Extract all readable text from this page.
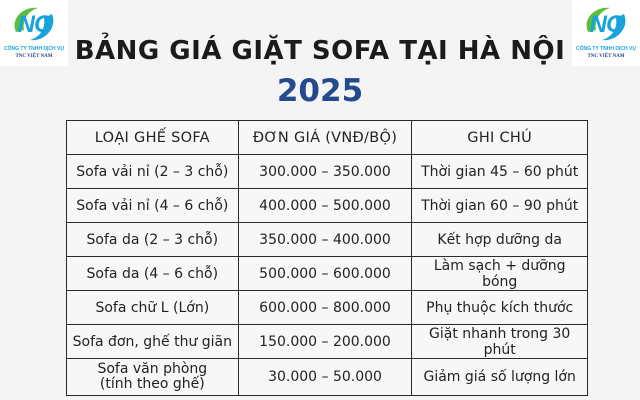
NC
CÔNG TY TNHH DỊCH VỤ
TNC VIỆT NAM
NC
CÔNG TY TNHH DỊCH VỤ
TNC VIỆT NAM
BẢNG GIÁ GIẶT SOFA TẠI HÀ NỘI
2025
LOẠI GHẾ SOFA	ĐƠN GIÁ (VNĐ/BỘ)	GHI CHÚ
Sofa vải nỉ (2 – 3 chỗ)	300.000 – 350.000	Thời gian 45 – 60 phút
Sofa vải nỉ (4 – 6 chỗ)	400.000 – 500.000	Thời gian 60 – 90 phút
Sofa da (2 – 3 chỗ)	350.000 – 400.000	Kết hợp dưỡng da
Sofa da (4 – 6 chỗ)	500.000 – 600.000	Làm sạch + dưỡng bóng
Sofa chữ L (Lớn)	600.000 – 800.000	Phụ thuộc kích thước
Sofa đơn, ghế thư giãn	150.000 – 200.000	Giặt nhanh trong 30 phút
Sofa văn phòng
(tính theo ghế)	30.000 – 50.000	Giảm giá số lượng lớn
